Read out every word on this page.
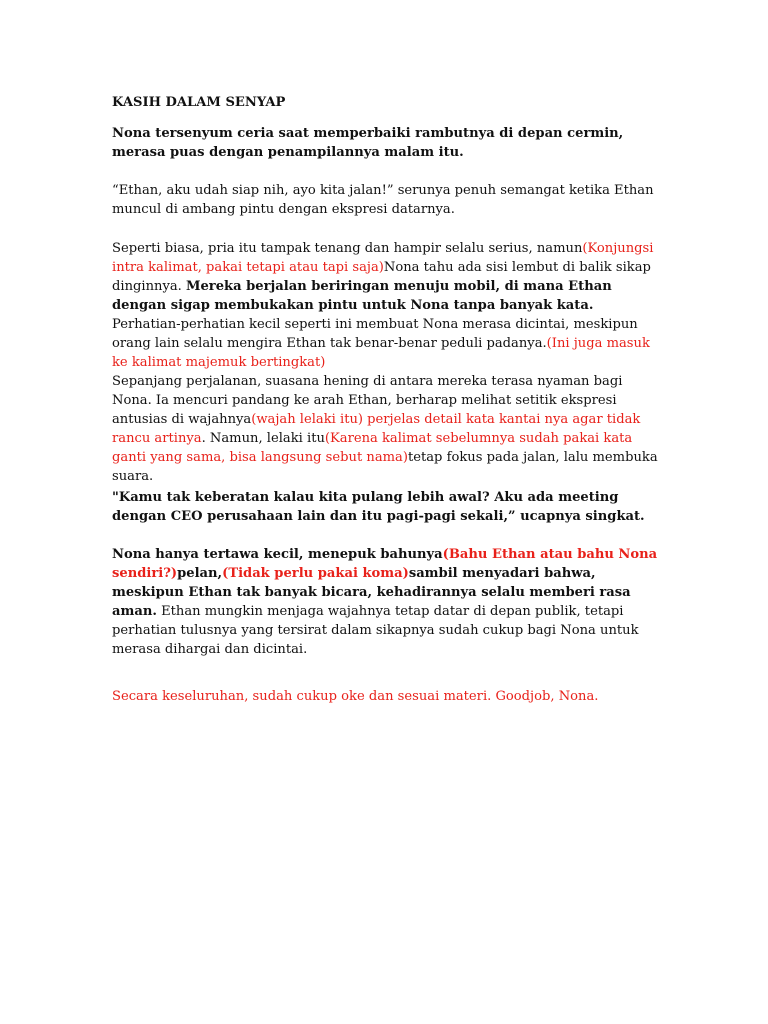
KASIH DALAM SENYAP

Nona tersenyum ceria saat memperbaiki rambutnya di depan cermin, merasa puas dengan penampilannya malam itu.

“Ethan, aku udah siap nih, ayo kita jalan!” serunya penuh semangat ketika Ethan muncul di ambang pintu dengan ekspresi datarnya.

Seperti biasa, pria itu tampak tenang dan hampir selalu serius, namun(Konjungsi intra kalimat, pakai tetapi atau tapi saja)Nona tahu ada sisi lembut di balik sikap dinginnya. Mereka berjalan beriringan menuju mobil, di mana Ethan dengan sigap membukakan pintu untuk Nona tanpa banyak kata. Perhatian-perhatian kecil seperti ini membuat Nona merasa dicintai, meskipun orang lain selalu mengira Ethan tak benar-benar peduli padanya.(Ini juga masuk ke kalimat majemuk bertingkat)

Sepanjang perjalanan, suasana hening di antara mereka terasa nyaman bagi Nona. Ia mencuri pandang ke arah Ethan, berharap melihat setitik ekspresi antusias di wajahnya(wajah lelaki itu) perjelas detail kata kantai nya agar tidak rancu artinya. Namun, lelaki itu(Karena kalimat sebelumnya sudah pakai kata ganti yang sama, bisa langsung sebut nama)tetap fokus pada jalan, lalu membuka suara.

"Kamu tak keberatan kalau kita pulang lebih awal? Aku ada meeting dengan CEO perusahaan lain dan itu pagi-pagi sekali,” ucapnya singkat.

Nona hanya tertawa kecil, menepuk bahunya(Bahu Ethan atau bahu Nona sendiri?)pelan,(Tidak perlu pakai koma)sambil menyadari bahwa, meskipun Ethan tak banyak bicara, kehadirannya selalu memberi rasa aman. Ethan mungkin menjaga wajahnya tetap datar di depan publik, tetapi perhatian tulusnya yang tersirat dalam sikapnya sudah cukup bagi Nona untuk merasa dihargai dan dicintai.

Secara keseluruhan, sudah cukup oke dan sesuai materi. Goodjob, Nona.
